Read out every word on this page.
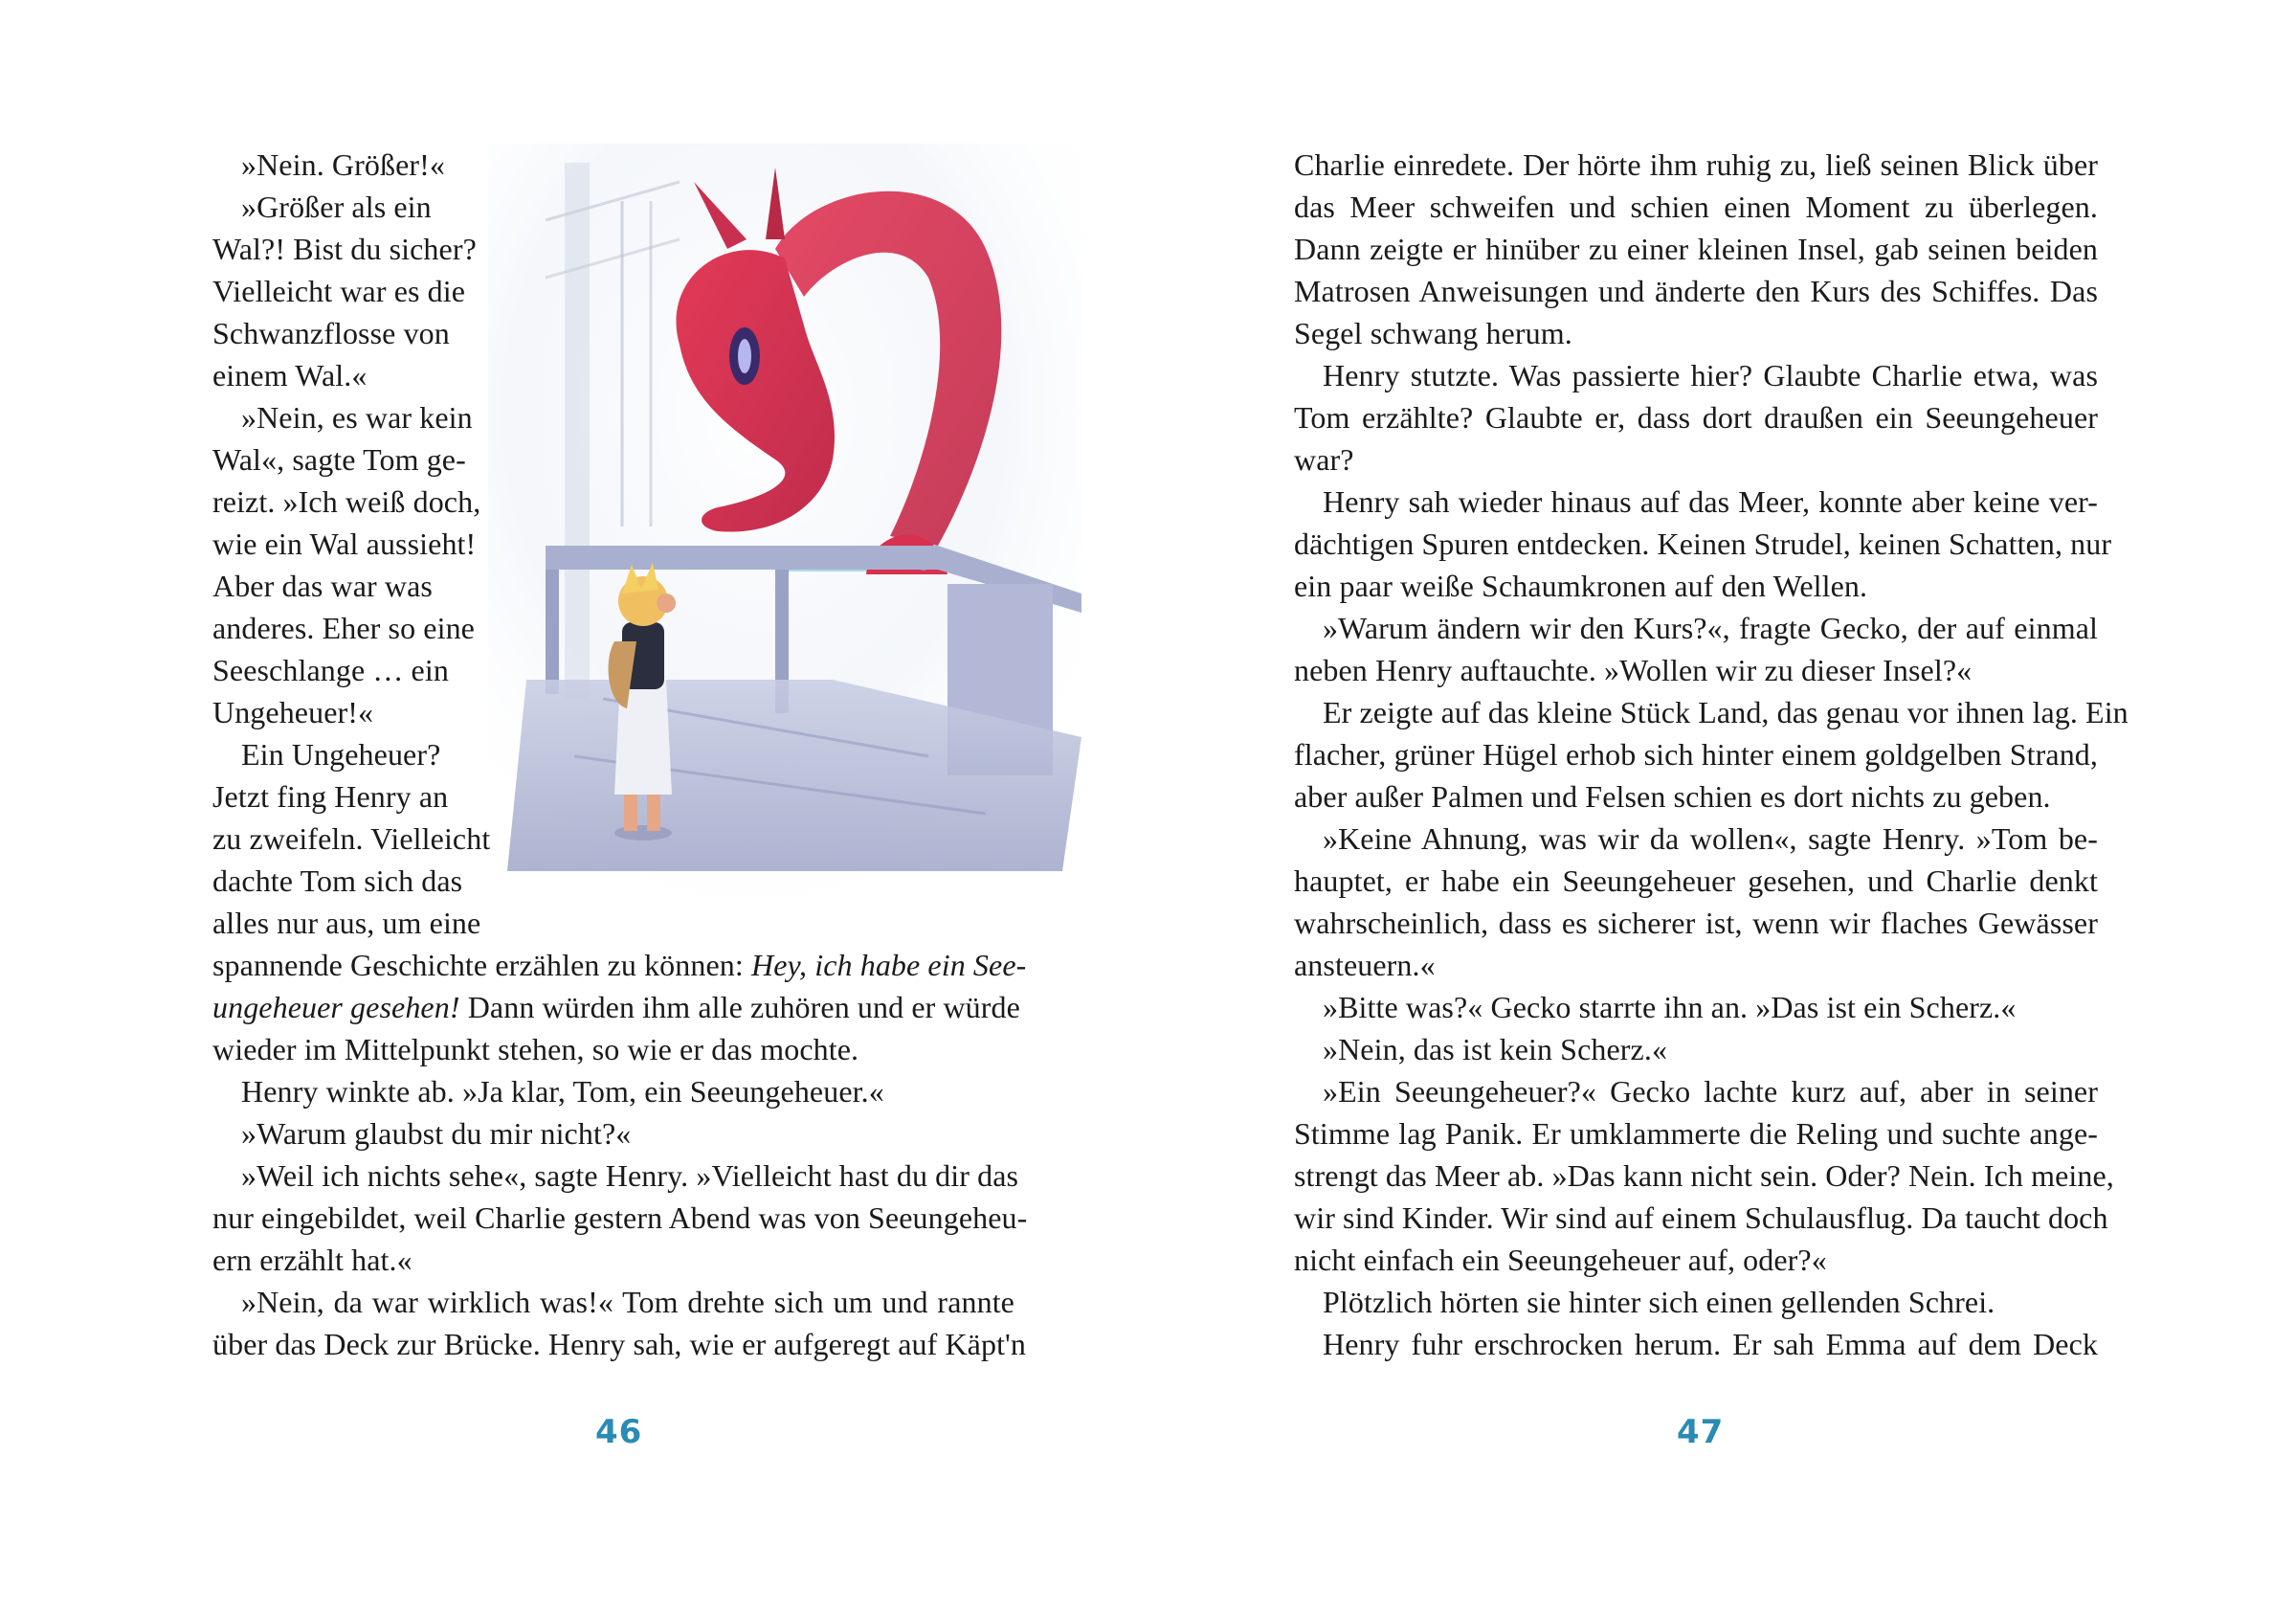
»Nein. Größer!«
»Größer als ein
Wal?! Bist du sicher?
Vielleicht war es die
Schwanzflosse von
einem Wal.«
»Nein, es war kein
Wal«, sagte Tom ge-
reizt. »Ich weiß doch,
wie ein Wal aussieht!
Aber das war was
anderes. Eher so eine
Seeschlange … ein
Ungeheuer!«
Ein Ungeheuer?
Jetzt fing Henry an
zu zweifeln. Vielleicht
dachte Tom sich das
alles nur aus, um eine
spannende Geschichte erzählen zu können: Hey, ich habe ein See-
ungeheuer gesehen! Dann würden ihm alle zuhören und er würde
wieder im Mittelpunkt stehen, so wie er das mochte.
Henry winkte ab. »Ja klar, Tom, ein Seeungeheuer.«
»Warum glaubst du mir nicht?«
»Weil ich nichts sehe«, sagte Henry. »Vielleicht hast du dir das
nur eingebildet, weil Charlie gestern Abend was von Seeungeheu-
ern erzählt hat.«
»Nein, da war wirklich was!« Tom drehte sich um und rannte
über das Deck zur Brücke. Henry sah, wie er aufgeregt auf Käpt'n
46
Charlie einredete. Der hörte ihm ruhig zu, ließ seinen Blick über
das Meer schweifen und schien einen Moment zu überlegen.
Dann zeigte er hinüber zu einer kleinen Insel, gab seinen beiden
Matrosen Anweisungen und änderte den Kurs des Schiffes. Das
Segel schwang herum.
Henry stutzte. Was passierte hier? Glaubte Charlie etwa, was
Tom erzählte? Glaubte er, dass dort draußen ein Seeungeheuer
war?
Henry sah wieder hinaus auf das Meer, konnte aber keine ver-
dächtigen Spuren entdecken. Keinen Strudel, keinen Schatten, nur
ein paar weiße Schaumkronen auf den Wellen.
»Warum ändern wir den Kurs?«, fragte Gecko, der auf einmal
neben Henry auftauchte. »Wollen wir zu dieser Insel?«
Er zeigte auf das kleine Stück Land, das genau vor ihnen lag. Ein
flacher, grüner Hügel erhob sich hinter einem goldgelben Strand,
aber außer Palmen und Felsen schien es dort nichts zu geben.
»Keine Ahnung, was wir da wollen«, sagte Henry. »Tom be-
hauptet, er habe ein Seeungeheuer gesehen, und Charlie denkt
wahrscheinlich, dass es sicherer ist, wenn wir flaches Gewässer
ansteuern.«
»Bitte was?« Gecko starrte ihn an. »Das ist ein Scherz.«
»Nein, das ist kein Scherz.«
»Ein Seeungeheuer?« Gecko lachte kurz auf, aber in seiner
Stimme lag Panik. Er umklammerte die Reling und suchte ange-
strengt das Meer ab. »Das kann nicht sein. Oder? Nein. Ich meine,
wir sind Kinder. Wir sind auf einem Schulausflug. Da taucht doch
nicht einfach ein Seeungeheuer auf, oder?«
Plötzlich hörten sie hinter sich einen gellenden Schrei.
Henry fuhr erschrocken herum. Er sah Emma auf dem Deck
47
